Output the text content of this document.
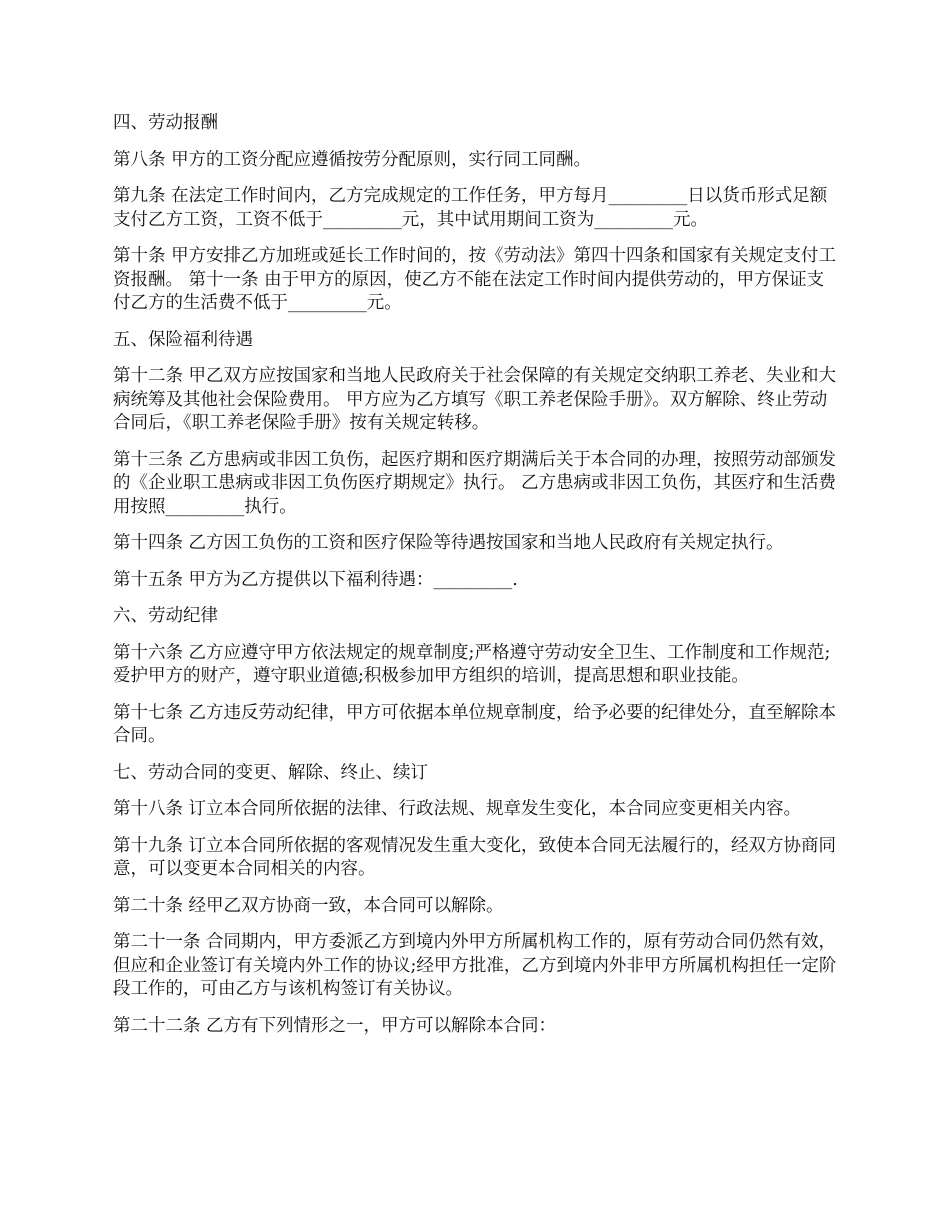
四、劳动报酬

第八条 甲方的工资分配应遵循按劳分配原则，实行同工同酬。

第九条 在法定工作时间内，乙方完成规定的工作任务，甲方每月_________日以货币形式足额支付乙方工资，工资不低于_________元，其中试用期间工资为_________元。

第十条 甲方安排乙方加班或延长工作时间的，按《劳动法》第四十四条和国家有关规定支付工资报酬。 第十一条 由于甲方的原因，使乙方不能在法定工作时间内提供劳动的，甲方保证支付乙方的生活费不低于_________元。

五、保险福利待遇

第十二条 甲乙双方应按国家和当地人民政府关于社会保障的有关规定交纳职工养老、失业和大病统筹及其他社会保险费用。 甲方应为乙方填写《职工养老保险手册》。双方解除、终止劳动合同后，《职工养老保险手册》按有关规定转移。

第十三条 乙方患病或非因工负伤，起医疗期和医疗期满后关于本合同的办理，按照劳动部颁发的《企业职工患病或非因工负伤医疗期规定》执行。 乙方患病或非因工负伤，其医疗和生活费用按照_________执行。

第十四条 乙方因工负伤的工资和医疗保险等待遇按国家和当地人民政府有关规定执行。

第十五条 甲方为乙方提供以下福利待遇：_________.

六、劳动纪律

第十六条 乙方应遵守甲方依法规定的规章制度;严格遵守劳动安全卫生、工作制度和工作规范;爱护甲方的财产，遵守职业道德;积极参加甲方组织的培训，提高思想和职业技能。

第十七条 乙方违反劳动纪律，甲方可依据本单位规章制度，给予必要的纪律处分，直至解除本合同。

七、劳动合同的变更、解除、终止、续订

第十八条 订立本合同所依据的法律、行政法规、规章发生变化，本合同应变更相关内容。

第十九条 订立本合同所依据的客观情况发生重大变化，致使本合同无法履行的，经双方协商同意，可以变更本合同相关的内容。

第二十条 经甲乙双方协商一致，本合同可以解除。

第二十一条 合同期内，甲方委派乙方到境内外甲方所属机构工作的，原有劳动合同仍然有效，但应和企业签订有关境内外工作的协议;经甲方批准，乙方到境内外非甲方所属机构担任一定阶段工作的，可由乙方与该机构签订有关协议。

第二十二条 乙方有下列情形之一，甲方可以解除本合同：
